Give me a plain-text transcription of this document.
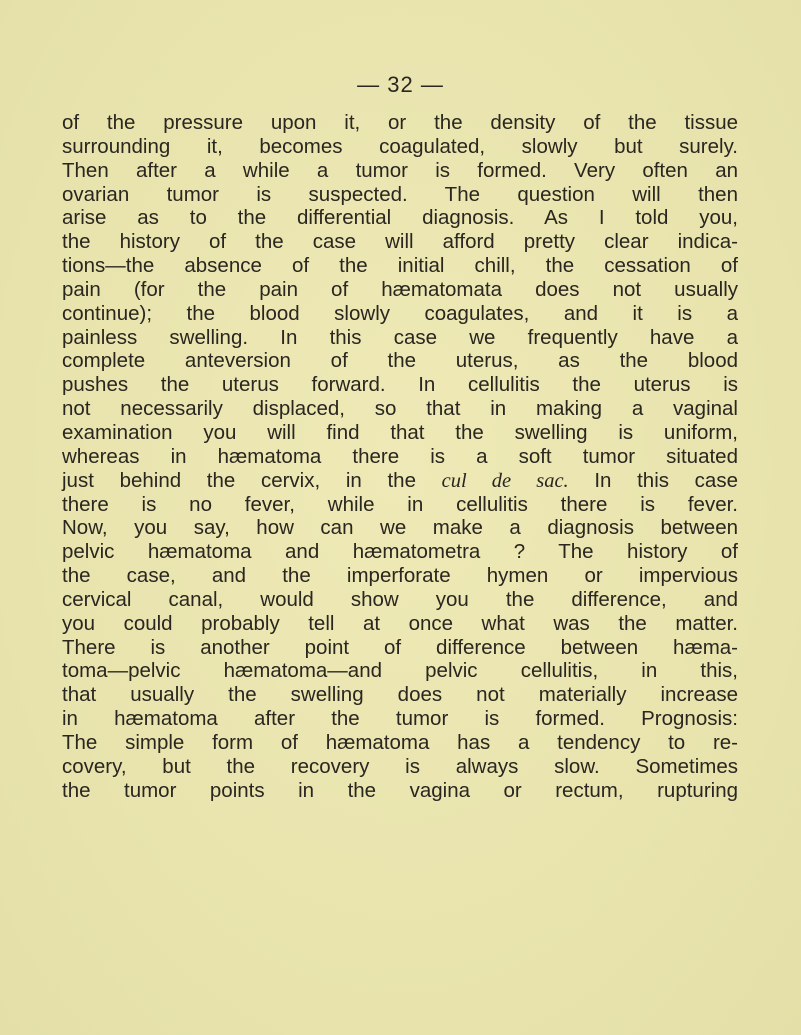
— 32 —
of the pressure upon it, or the density of the tissue
surrounding it, becomes coagulated, slowly but surely.
Then after a while a tumor is formed. Very often an
ovarian tumor is suspected. The question will then
arise as to the differential diagnosis. As I told you,
the history of the case will afford pretty clear indica-
tions—the absence of the initial chill, the cessation of
pain (for the pain of hæmatomata does not usually
continue); the blood slowly coagulates, and it is a
painless swelling. In this case we frequently have a
complete anteversion of the uterus, as the blood
pushes the uterus forward. In cellulitis the uterus is
not necessarily displaced, so that in making a vaginal
examination you will find that the swelling is uniform,
whereas in hæmatoma there is a soft tumor situated
just behind the cervix, in the cul de sac. In this case
there is no fever, while in cellulitis there is fever.
Now, you say, how can we make a diagnosis between
pelvic hæmatoma and hæmatometra ? The history of
the case, and the imperforate hymen or impervious
cervical canal, would show you the difference, and
you could probably tell at once what was the matter.
There is another point of difference between hæma-
toma—pelvic hæmatoma—and pelvic cellulitis, in this,
that usually the swelling does not materially increase
in hæmatoma after the tumor is formed. Prognosis:
The simple form of hæmatoma has a tendency to re-
covery, but the recovery is always slow. Sometimes
the tumor points in the vagina or rectum, rupturing
